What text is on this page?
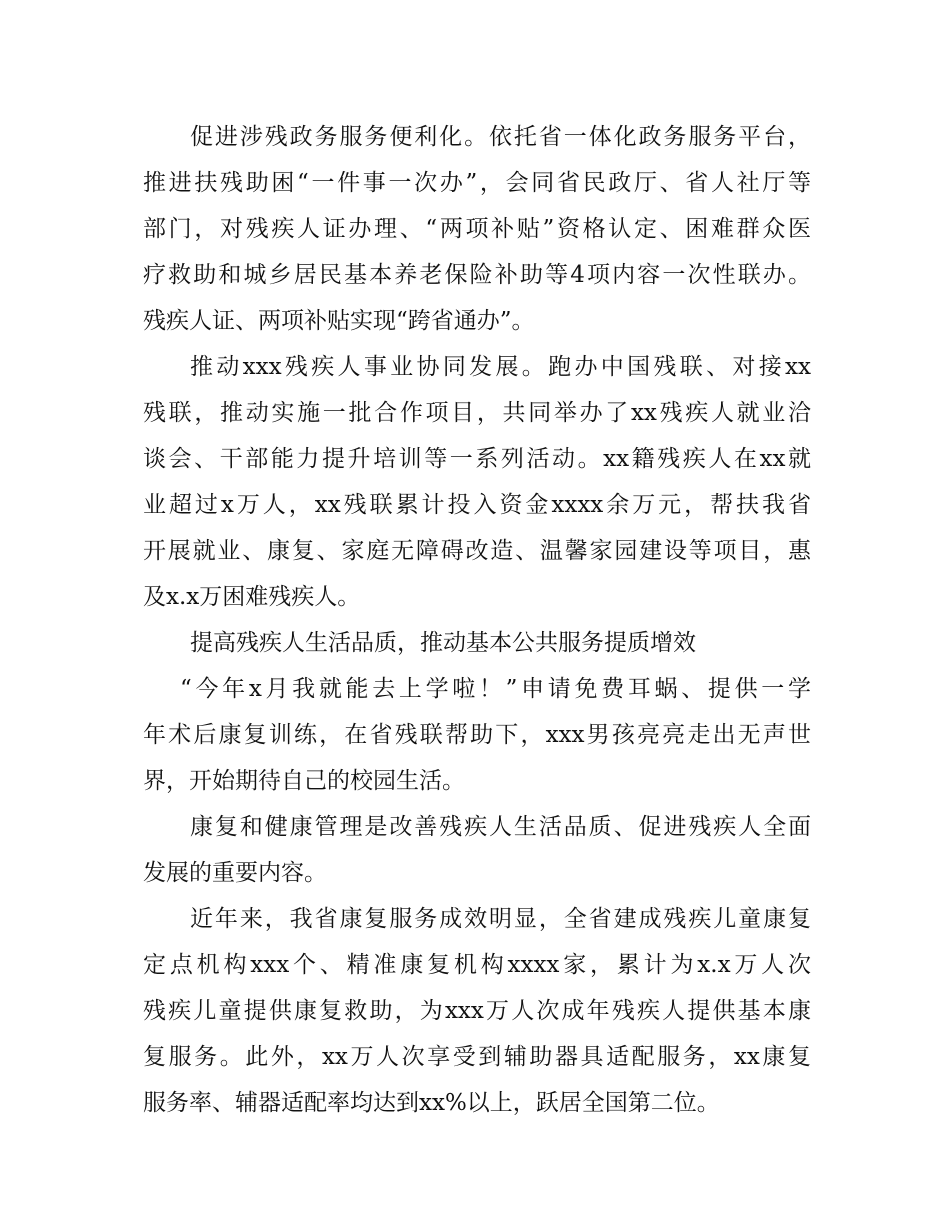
促进涉残政务服务便利化。依托省一体化政务服务平台，
推进扶残助困“一件事一次办”，会同省民政厅、省人社厅等
部门，对残疾人证办理、“两项补贴”资格认定、困难群众医
疗救助和城乡居民基本养老保险补助等4项内容一次性联办。
残疾人证、两项补贴实现“跨省通办”。
推动xxx残疾人事业协同发展。跑办中国残联、对接xx
残联，推动实施一批合作项目，共同举办了xx残疾人就业洽
谈会、干部能力提升培训等一系列活动。xx籍残疾人在xx就
业超过x万人，xx残联累计投入资金xxxx余万元，帮扶我省
开展就业、康复、家庭无障碍改造、温馨家园建设等项目，惠
及x.x万困难残疾人。
提高残疾人生活品质，推动基本公共服务提质增效
“今年x月我就能去上学啦！”申请免费耳蜗、提供一学
年术后康复训练，在省残联帮助下，xxx男孩亮亮走出无声世
界，开始期待自己的校园生活。
康复和健康管理是改善残疾人生活品质、促进残疾人全面
发展的重要内容。
近年来，我省康复服务成效明显，全省建成残疾儿童康复
定点机构xxx个、精准康复机构xxxx家，累计为x.x万人次
残疾儿童提供康复救助，为xxx万人次成年残疾人提供基本康
复服务。此外，xx万人次享受到辅助器具适配服务，xx康复
服务率、辅器适配率均达到xx%以上，跃居全国第二位。
